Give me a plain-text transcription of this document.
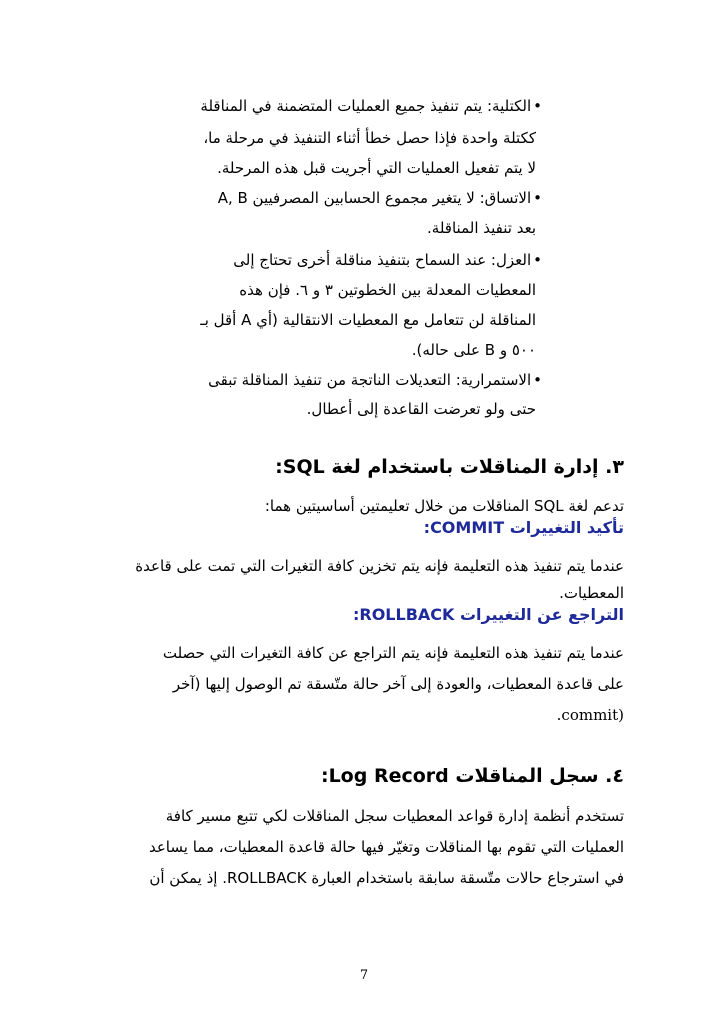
• الكتلية: يتم تنفيذ جميع العمليات المتضمنة في المناقلة
ككتلة واحدة فإذا حصل خطأ أثناء التنفيذ في مرحلة ما،
لا يتم تفعيل العمليات التي أجريت قبل هذه المرحلة.
• الاتساق: لا يتغير مجموع الحسابين المصرفيين A, B
بعد تنفيذ المناقلة.
• العزل: عند السماح بتنفيذ مناقلة أخرى تحتاج إلى
المعطيات المعدلة بين الخطوتين ٣ و ٦. فإن هذه
المناقلة لن تتعامل مع المعطيات الانتقالية (أي A أقل بـ
٥٠٠ و B على حاله).
• الاستمرارية: التعديلات الناتجة من تنفيذ المناقلة تبقى
حتى ولو تعرضت القاعدة إلى أعطال.
٣. إدارة المناقلات باستخدام لغة SQL:
تدعم لغة SQL المناقلات من خلال تعليمتين أساسيتين هما:
تأكيد التغييرات COMMIT:
عندما يتم تنفيذ هذه التعليمة فإنه يتم تخزين كافة التغيرات التي تمت على قاعدة
المعطيات.
التراجع عن التغييرات ROLLBACK:
عندما يتم تنفيذ هذه التعليمة فإنه يتم التراجع عن كافة التغيرات التي حصلت
على قاعدة المعطيات، والعودة إلى آخر حالة متّسقة تم الوصول إليها (آخر
(commit.
٤. سجل المناقلات Log Record:
تستخدم أنظمة إدارة قواعد المعطيات سجل المناقلات لكي تتبع مسير كافة
العمليات التي تقوم بها المناقلات وتغيّر فيها حالة قاعدة المعطيات، مما يساعد
في استرجاع حالات متّسقة سابقة باستخدام العبارة ROLLBACK. إذ يمكن أن
7
